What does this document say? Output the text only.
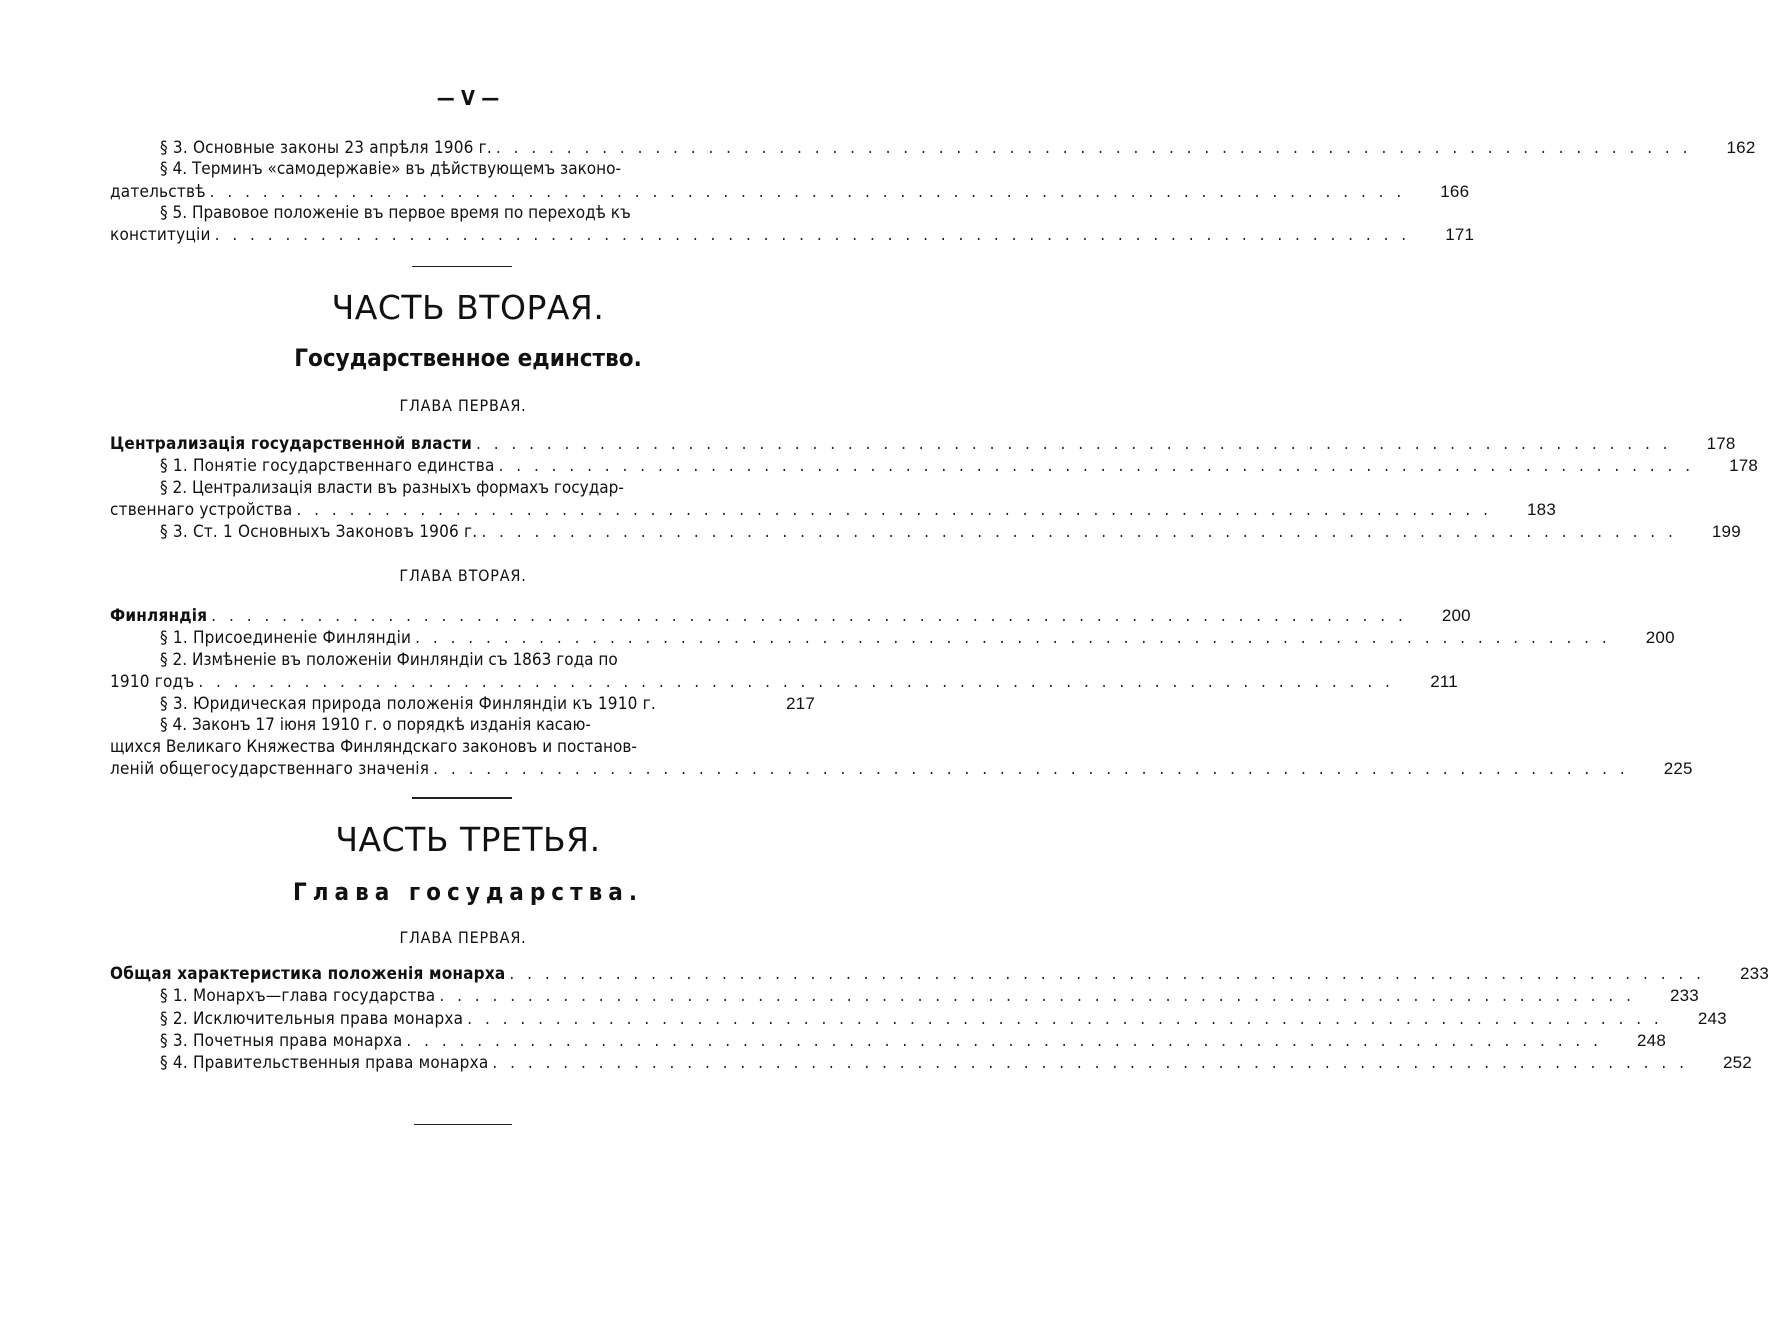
— V —
§ 3. Основные законы 23 апрѣля 1906 г. . . .	162
§ 4. Терминъ «самодержавіе» въ дѣйствующемъ законо-
дательствѣ . . .	166
§ 5. Правовое положеніе въ первое время по переходѣ къ
конституціи . . .	171
ЧАСТЬ ВТОРАЯ.
Государственное единство.
ГЛАВА ПЕРВАЯ.
Централизація государственной власти . . .	178
§ 1. Понятіе государственнаго единства . . .	178
§ 2. Централизація власти въ разныхъ формахъ государ-
ственнаго устройства . . .	183
§ 3. Ст. 1 Основныхъ Законовъ 1906 г. . . .	199
ГЛАВА ВТОРАЯ.
Финляндія . . .	200
§ 1. Присоединеніе Финляндіи . . .	200
§ 2. Измѣненіе въ положеніи Финляндіи съ 1863 года по
1910 годъ . . .	211
§ 3. Юридическая природа положенія Финляндіи къ 1910 г.	217
§ 4. Законъ 17 іюня 1910 г. о порядкѣ изданія касаю-
щихся Великаго Княжества Финляндскаго законовъ и постанов-
леній общегосударственнаго значенія . . .	225
ЧАСТЬ ТРЕТЬЯ.
Глава государства.
ГЛАВА ПЕРВАЯ.
Общая характеристика положенія монарха . . .	233
§ 1. Монархъ—глава государства . . .	233
§ 2. Исключительныя права монарха . . .	243
§ 3. Почетныя права монарха . . .	248
§ 4. Правительственныя права монарха . . .	252
